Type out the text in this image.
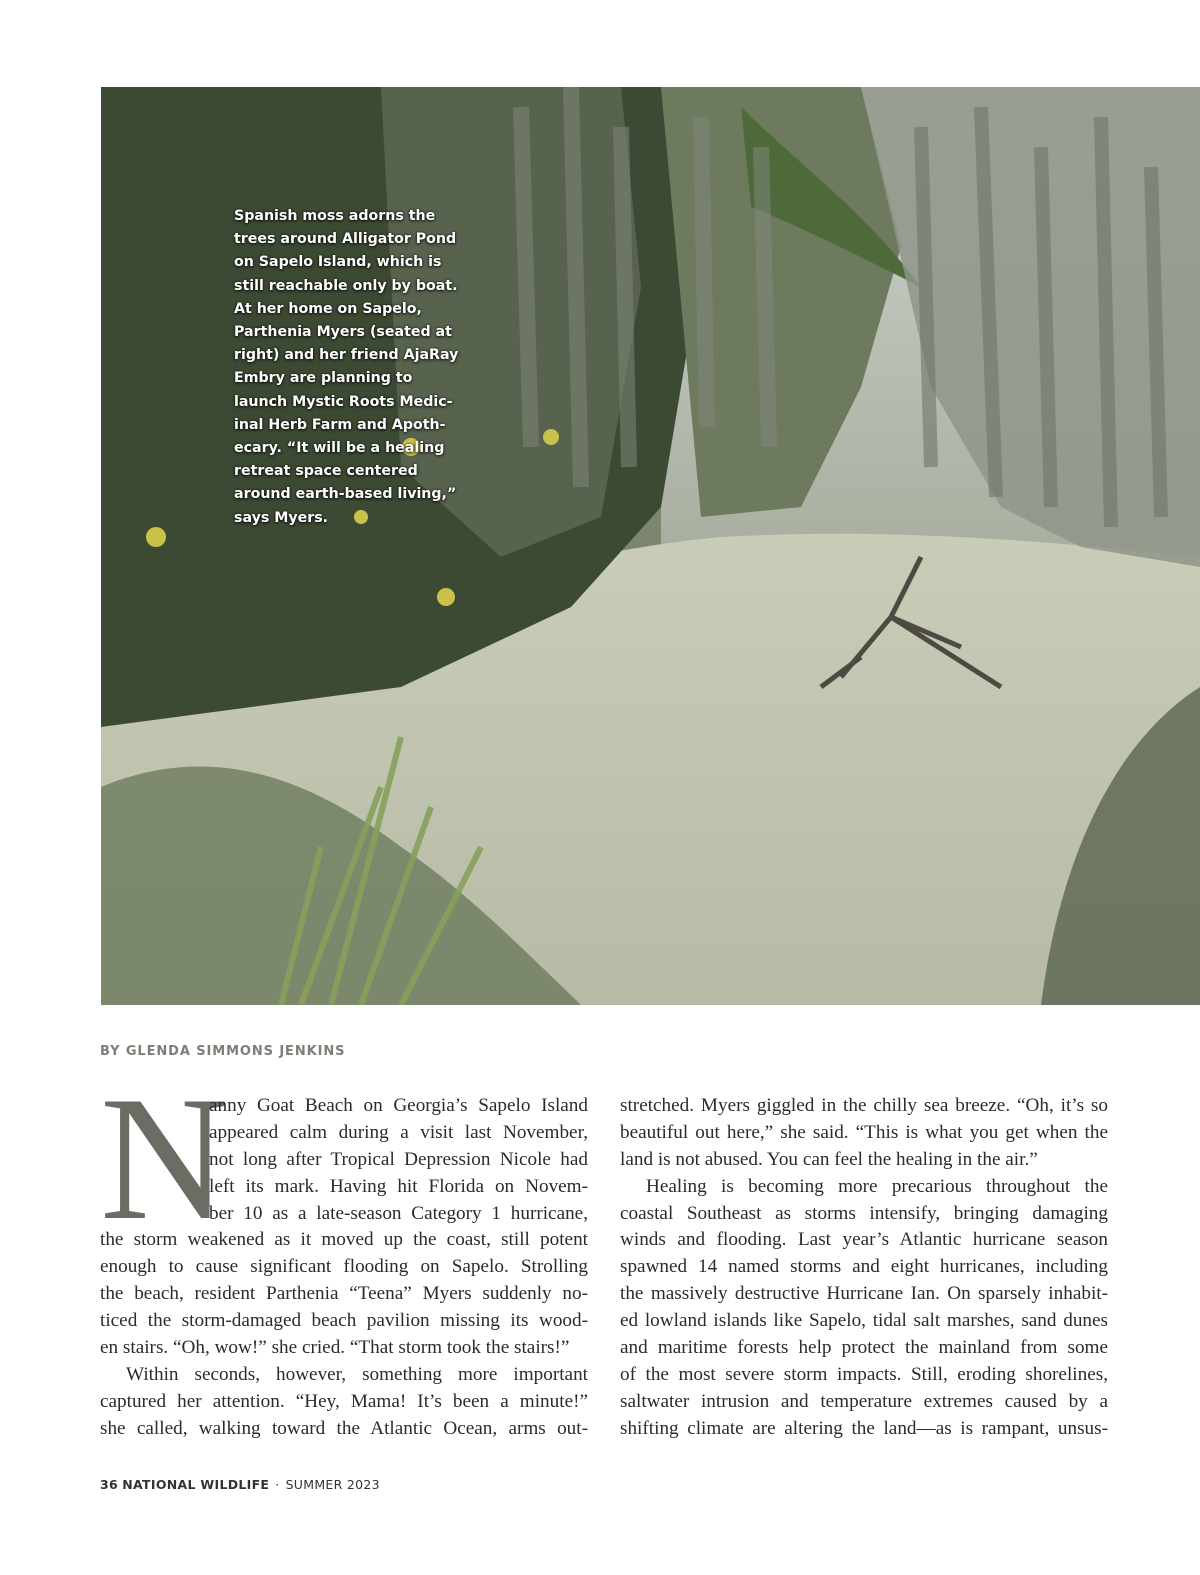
Spanish moss adorns the
trees around Alligator Pond
on Sapelo Island, which is
still reachable only by boat.
At her home on Sapelo,
Parthenia Myers (seated at
right) and her friend AjaRay
Embry are planning to
launch Mystic Roots Medic-
inal Herb Farm and Apoth-
ecary. “It will be a healing
retreat space centered
around earth-based living,”
says Myers.
BY GLENDA SIMMONS JENKINS
N
anny Goat Beach on Georgia’s Sapelo Island
appeared calm during a visit last November,
not long after Tropical Depression Nicole had
left its mark. Having hit Florida on Novem-
ber 10 as a late-season Category 1 hurricane,
the storm weakened as it moved up the coast, still potent
enough to cause significant flooding on Sapelo. Strolling
the beach, resident Parthenia “Teena” Myers suddenly no-
ticed the storm-damaged beach pavilion missing its wood-
en stairs. “Oh, wow!” she cried. “That storm took the stairs!”
Within seconds, however, something more important
captured her attention. “Hey, Mama! It’s been a minute!”
she called, walking toward the Atlantic Ocean, arms out-
stretched. Myers giggled in the chilly sea breeze. “Oh, it’s so
beautiful out here,” she said. “This is what you get when the
land is not abused. You can feel the healing in the air.”
Healing is becoming more precarious throughout the
coastal Southeast as storms intensify, bringing damaging
winds and flooding. Last year’s Atlantic hurricane season
spawned 14 named storms and eight hurricanes, including
the massively destructive Hurricane Ian. On sparsely inhabit-
ed lowland islands like Sapelo, tidal salt marshes, sand dunes
and maritime forests help protect the mainland from some
of the most severe storm impacts. Still, eroding shorelines,
saltwater intrusion and temperature extremes caused by a
shifting climate are altering the land—as is rampant, unsus-
36 NATIONAL WILDLIFE · SUMMER 2023
